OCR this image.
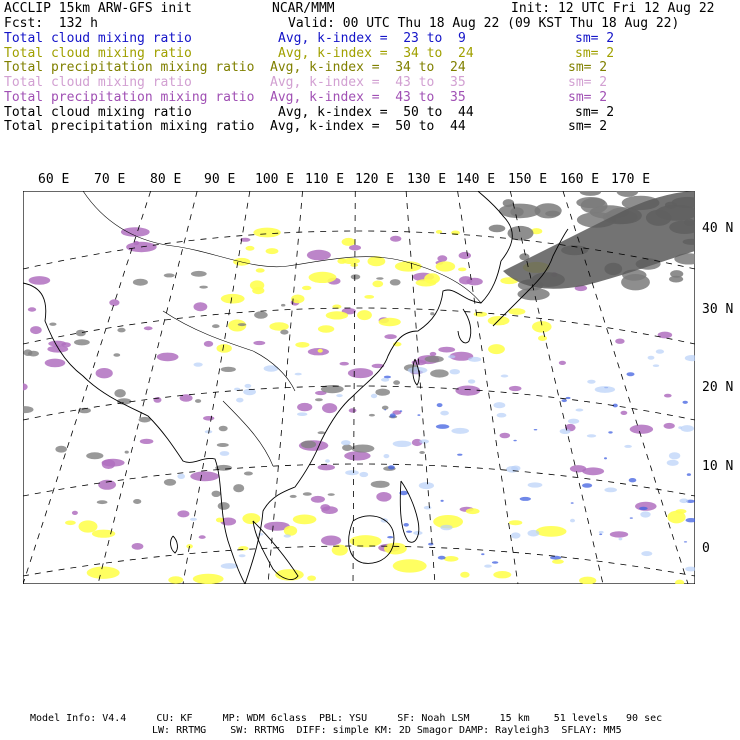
ACCLIP 15km ARW-GFS init	NCAR/MMM	Init: 12 UTC Fri 12 Aug 22
Fcst:  132 h	Valid: 00 UTC Thu 18 Aug 22 (09 KST Thu 18 Aug 22)
Total cloud mixing ratio	Avg, k-index =  23 to  9	sm= 2
Total cloud mixing ratio	Avg, k-index =  34 to  24	sm= 2
Total precipitation mixing ratio Avg, k-index =  34 to  24	sm= 2
Total cloud mixing ratio	Avg, k-index =  43 to  35	sm= 2
Total precipitation mixing ratio Avg, k-index =  43 to  35	sm= 2
Total cloud mixing ratio	Avg, k-index =  50 to  44	sm= 2
Total precipitation mixing ratio Avg, k-index =  50 to  44	sm= 2
60 E 70 E 80 E 90 E 100 E 110 E 120 E 130 E 140 E 150 E 160 E 170 E
40 N
30 N
20 N
10 N
0
Model Info: V4.4     CU: KF     MP: WDM 6class  PBL: YSU     SF: Noah LSM     15 km    51 levels   90 sec
LW: RRTMG    SW: RRTMG  DIFF: simple KM: 2D Smagor DAMP: Rayleigh3  SFLAY: MM5
